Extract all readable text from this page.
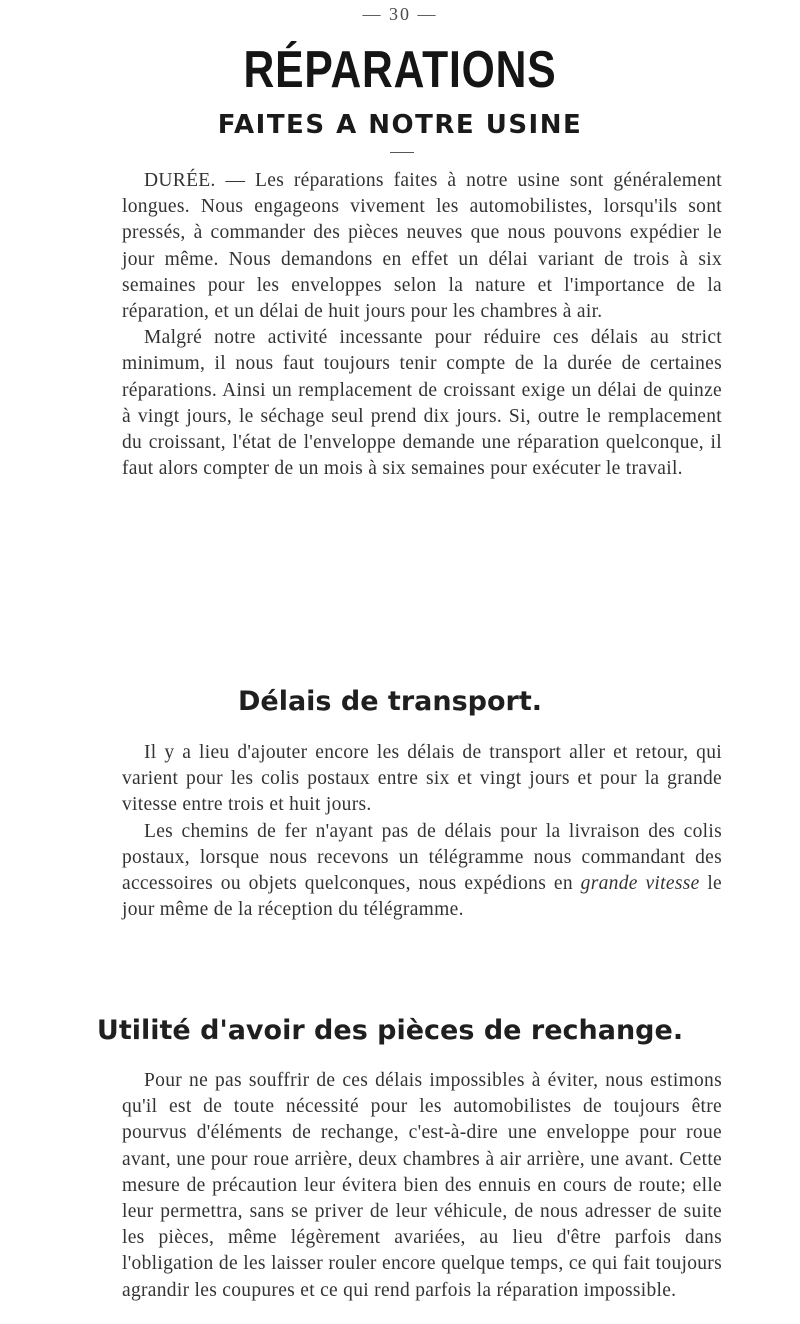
— 30 —
RÉPARATIONS
FAITES A NOTRE USINE

DURÉE. — Les réparations faites à notre usine sont généralement longues. Nous engageons vivement les automobilistes, lorsqu'ils sont pressés, à commander des pièces neuves que nous pouvons expédier le jour même. Nous demandons en effet un délai variant de trois à six semaines pour les enveloppes selon la nature et l'importance de la réparation, et un délai de huit jours pour les chambres à air.

Malgré notre activité incessante pour réduire ces délais au strict minimum, il nous faut toujours tenir compte de la durée de certaines réparations. Ainsi un remplacement de croissant exige un délai de quinze à vingt jours, le séchage seul prend dix jours. Si, outre le remplacement du croissant, l'état de l'enveloppe demande une réparation quelconque, il faut alors compter de un mois à six semaines pour exécuter le travail.

Délais de transport.

Il y a lieu d'ajouter encore les délais de transport aller et retour, qui varient pour les colis postaux entre six et vingt jours et pour la grande vitesse entre trois et huit jours.

Les chemins de fer n'ayant pas de délais pour la livraison des colis postaux, lorsque nous recevons un télégramme nous commandant des accessoires ou objets quelconques, nous expédions en grande vitesse le jour même de la réception du télégramme.

Utilité d'avoir des pièces de rechange.

Pour ne pas souffrir de ces délais impossibles à éviter, nous estimons qu'il est de toute nécessité pour les automobilistes de toujours être pourvus d'éléments de rechange, c'est-à-dire une enveloppe pour roue avant, une pour roue arrière, deux chambres à air arrière, une avant. Cette mesure de précaution leur évitera bien des ennuis en cours de route; elle leur permettra, sans se priver de leur véhicule, de nous adresser de suite les pièces, même légèrement avariées, au lieu d'être parfois dans l'obligation de les laisser rouler encore quelque temps, ce qui fait toujours agrandir les coupures et ce qui rend parfois la réparation impossible.
